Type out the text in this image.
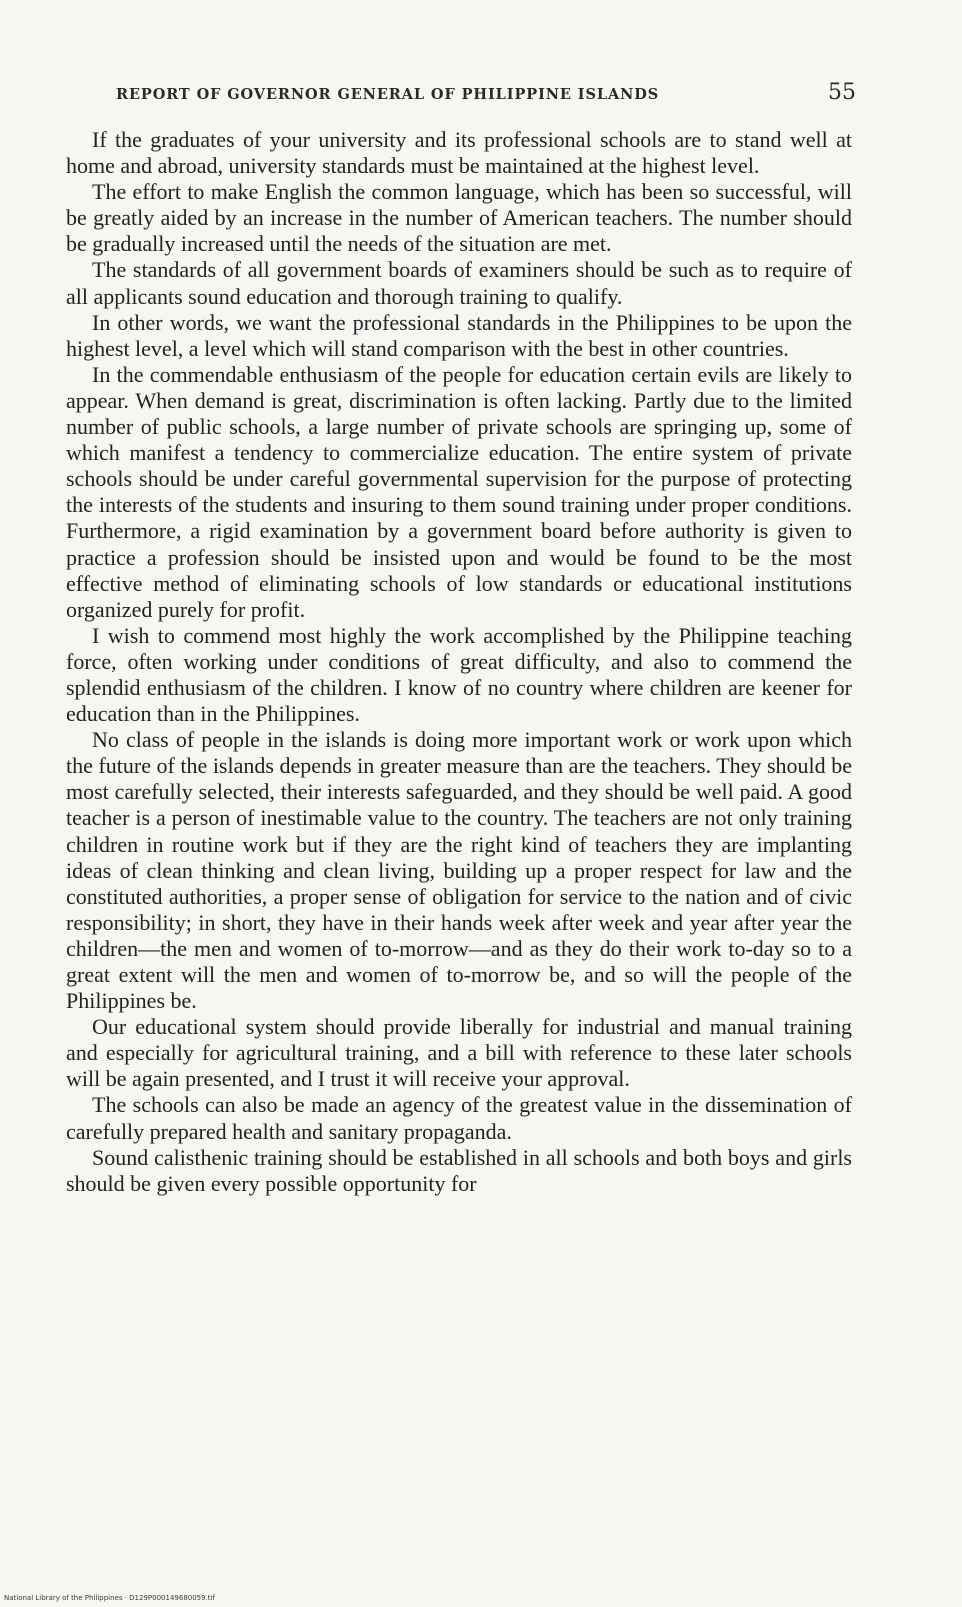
REPORT OF GOVERNOR GENERAL OF PHILIPPINE ISLANDS	55

If the graduates of your university and its professional schools are to stand well at home and abroad, university standards must be maintained at the highest level.

The effort to make English the common language, which has been so successful, will be greatly aided by an increase in the number of American teachers. The number should be gradually increased until the needs of the situation are met.

The standards of all government boards of examiners should be such as to require of all applicants sound education and thorough training to qualify.

In other words, we want the professional standards in the Philippines to be upon the highest level, a level which will stand comparison with the best in other countries.

In the commendable enthusiasm of the people for education certain evils are likely to appear. When demand is great, discrimination is often lacking. Partly due to the limited number of public schools, a large number of private schools are springing up, some of which manifest a tendency to commercialize education. The entire system of private schools should be under careful governmental supervision for the purpose of protecting the interests of the students and insuring to them sound training under proper conditions. Furthermore, a rigid examination by a government board before authority is given to practice a profession should be insisted upon and would be found to be the most effective method of eliminating schools of low standards or educational institutions organized purely for profit.

I wish to commend most highly the work accomplished by the Philippine teaching force, often working under conditions of great difficulty, and also to commend the splendid enthusiasm of the children. I know of no country where children are keener for education than in the Philippines.

No class of people in the islands is doing more important work or work upon which the future of the islands depends in greater measure than are the teachers. They should be most carefully selected, their interests safeguarded, and they should be well paid. A good teacher is a person of inestimable value to the country. The teachers are not only training children in routine work but if they are the right kind of teachers they are implanting ideas of clean thinking and clean living, building up a proper respect for law and the constituted authorities, a proper sense of obligation for service to the nation and of civic responsibility; in short, they have in their hands week after week and year after year the children—the men and women of to-morrow—and as they do their work to-day so to a great extent will the men and women of to-morrow be, and so will the people of the Philippines be.

Our educational system should provide liberally for industrial and manual training and especially for agricultural training, and a bill with reference to these later schools will be again presented, and I trust it will receive your approval.

The schools can also be made an agency of the greatest value in the dissemination of carefully prepared health and sanitary propaganda.

Sound calisthenic training should be established in all schools and both boys and girls should be given every possible opportunity for

National Library of the Philippines · D129P000149680059.tif
